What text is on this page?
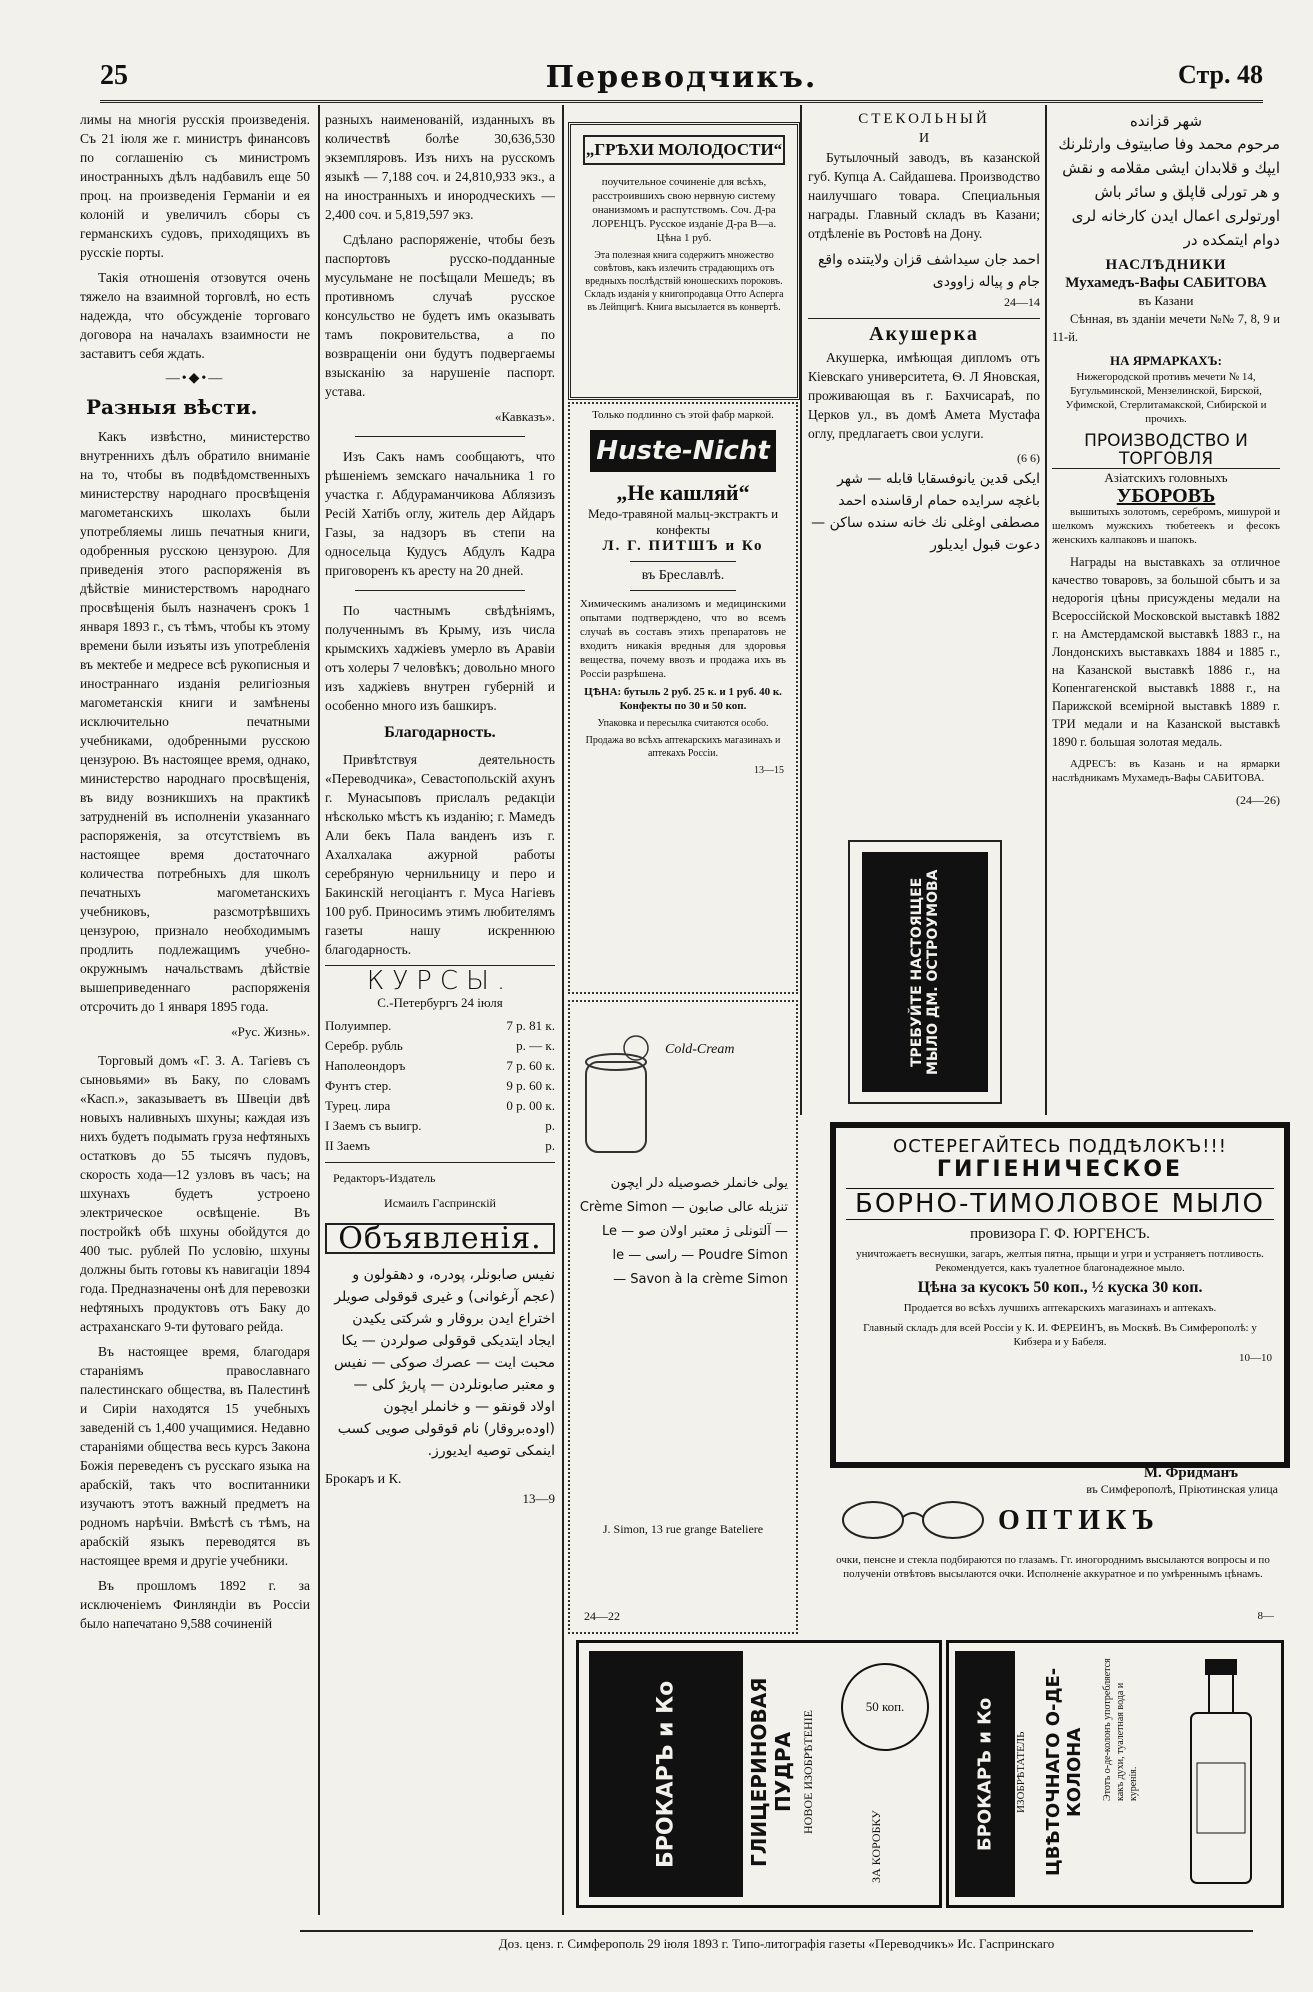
25	Переводчикъ.	Стр. 48

лимы на многія русскія произведенія. Съ 21 іюля же г. министръ финансовъ по соглашенію съ министромъ иностранныхъ дѣлъ надбавилъ еще 50 проц. на произведенія Германіи и ея колоній и увеличилъ сборы съ германскихъ судовъ, приходящихъ въ русскіе порты.

Такія отношенія отзовутся очень тяжело на взаимной торговлѣ, но есть надежда, что обсужденіе торговаго договора на началахъ взаимности не заставитъ себя ждать.

—•◆•—
Разныя вѣсти.

Какъ извѣстно, министерство внутреннихъ дѣлъ обратило вниманіе на то, чтобы въ подвѣдомственныхъ министерству народнаго просвѣщенія магометанскихъ школахъ были употребляемы лишь печатныя книги, одобренныя русскою цензурою. Для приведенія этого распоряженія въ дѣйствіе министерствомъ народнаго просвѣщенія былъ назначенъ срокъ 1 января 1893 г., съ тѣмъ, чтобы къ этому времени были изъяты изъ употребленія въ мектебе и медресе всѣ рукописныя и иностраннаго изданія религіозныя магометанскія книги и замѣнены исключительно печатными учебниками, одобренными русскою цензурою. Въ настоящее время, однако, министерство народнаго просвѣщенія, въ виду возникшихъ на практикѣ затрудненій въ исполненіи указаннаго распоряженія, за отсутствіемъ въ настоящее время достаточнаго количества потребныхъ для школъ печатныхъ магометанскихъ учебниковъ, разсмотрѣвшихъ цензурою, признало необходимымъ продлить подлежащимъ учебно-окружнымъ начальствамъ дѣйствіе вышеприведеннаго распоряженія отсрочить до 1 января 1895 года.

«Рус. Жизнь».

Торговый домъ «Г. З. А. Тагіевъ съ сыновьями» въ Баку, по словамъ «Касп.», заказываетъ въ Швеціи двѣ новыхъ наливныхъ шхуны; каждая изъ нихъ будетъ подымать груза нефтяныхъ остатковъ до 55 тысячъ пудовъ, скорость хода—12 узловъ въ часъ; на шхунахъ будетъ устроено электрическое освѣщеніе. Въ постройкѣ обѣ шхуны обойдутся до 400 тыс. рублей По условію, шхуны должны быть готовы къ навигаціи 1894 года. Предназначены онѣ для перевозки нефтяныхъ продуктовъ отъ Баку до астраханскаго 9-ти футоваго рейда.

Въ настоящее время, благодаря стараніямъ православнаго палестинскаго общества, въ Палестинѣ и Сиріи находятся 15 учебныхъ заведеній съ 1,400 учащимися. Недавно стараніями общества весь курсъ Закона Божія переведенъ съ русскаго языка на арабскій, такъ что воспитанники изучаютъ этотъ важный предметъ на родномъ нарѣчіи. Вмѣстѣ съ тѣмъ, на арабскій языкъ переводятся въ настоящее время и другіе учебники.

Въ прошломъ 1892 г. за исключеніемъ Финляндіи въ Россіи было напечатано 9,588 сочиненій

разныхъ наименованій, изданныхъ въ количествѣ болѣе 30,636,530 экземпляровъ. Изъ нихъ на русскомъ языкѣ — 7,188 соч. и 24,810,933 экз., а на иностранныхъ и инородческихъ — 2,400 соч. и 5,819,597 экз.

Сдѣлано распоряженіе, чтобы безъ паспортовъ русско-подданные мусульмане не посѣщали Мешедъ; въ противномъ случаѣ русское консульство не будетъ имъ оказывать тамъ покровительства, а по возвращеніи они будутъ подвергаемы взысканію за нарушеніе паспорт. устава.

«Кавказъ».

Изъ Сакъ намъ сообщаютъ, что рѣшеніемъ земскаго начальника 1 го участка г. Абдураманчикова Аблязизъ Ресій Хатібъ оглу, житель дер Айдаръ Газы, за надзоръ въ степи на односельца Кудусъ Абдулъ Кадра приговоренъ къ аресту на 20 дней.

По частнымъ свѣдѣніямъ, полученнымъ въ Крыму, изъ числа крымскихъ хаджіевъ умерло въ Аравіи отъ холеры 7 человѣкъ; довольно много изъ хаджіевъ внутрен губерній и особенно много изъ башкиръ.

Благодарность.

Привѣтствуя деятельность «Переводчика», Севастопольскій ахунъ г. Мунасыповъ прислалъ редакціи нѣсколько мѣстъ къ изданію; г. Мамедъ Али бекъ Пала ванденъ изъ г. Ахалхалака ажурной работы серебряную чернильницу и перо и Бакинскій негоціантъ г. Муса Нагіевъ 100 руб. Приносимъ этимъ любителямъ газеты нашу искреннюю благодарность.

КУРСЫ.
С.-Петербургъ 24 іюля
Полуимпер.	7 р. 81 к.
Серебр. рубль	р. — к.
Наполеондоръ	7 р. 60 к.
Фунтъ стер.	9 р. 60 к.
Турец. лира	0 р. 00 к.
I Заемъ съ выигр.	р.
II Заемъ	р.
Редакторъ-Издатель
Исмаилъ Гаспринскій
Объявленія.
نفیس صابونلر، پودره، و دهقولون و (عجم آرغوانی) و غیری قوقولی صویلر اختراع ایدن بروقار و شرکتی یکیدن ایجاد ایتدیکی قوقولی صولردن — یکا محبت ایت — عصرك صوكی — نفیس و معتبر صابونلردن — پاریژ کلی — اولاد قونقو — و خانملر ایچون (اوده‌بروقار) نام قوقولی صویی کسب اینمکی توصیه ایدیورز.
Брокаръ и К.
13—9
„ГРѢХИ МОЛОДОСТИ“
поучительное сочиненіе для всѣхъ, расстроившихъ свою нервную систему онанизмомъ и распутствомъ. Соч. Д-ра ЛОРЕНЦЪ. Русское изданіе Д-ра В—а. Цѣна 1 руб.
Эта полезная книга содержитъ множество совѣтовъ, какъ излечить страдающихъ отъ вредныхъ послѣдствій юношескихъ пороковъ. Складъ изданія у книгопродавца Отто Асперга въ Лейпцигѣ. Книга высылается въ конвертѣ.
Только подлинно съ этой фабр маркой.
Huste-Nicht
„Не кашляй“
Медо-травяной мальц-экстрактъ и конфекты
Л. Г. ПИТШЪ и Ко
въ Бреславлѣ.
Химическимъ анализомъ и медицинскими опытами подтверждено, что во всемъ случаѣ въ составъ этихъ препаратовъ не входитъ никакія вредныя для здоровья вещества, почему ввозъ и продажа ихъ въ Россіи разрѣшена.
ЦѢНА: бутыль 2 руб. 25 к. и 1 руб. 40 к. Конфекты по 30 и 50 коп.
Упаковка и пересылка считаются особо.
Продажа во всѣхъ аптекарскихъ магазинахъ и аптекахъ Россіи.
13—15
Cold-Cream
یولی خانملر خصوصیله دلر ایچون تنزیله عالی صابون — Crème Simon — آلتونلی ژ معتبر اولان صو — Le Poudre Simon — راسی — le Savon à la crème Simon —
J. Simon, 13 rue grange Bateliere
24—22
СТЕКОЛЬНЫЙ
И

Бутылочный заводъ, въ казанской губ. Купца А. Сайдашева. Производство наилучшаго товара. Специальныя награды. Главный складъ въ Казани; отдѣленіе въ Ростовѣ на Дону.

احمد جان سیداشف قزان ولایتنده واقع جام و پیاله زاوودی
24—14
Акушерка

Акушерка, имѣющая дипломъ отъ Кіевскаго университета, Ѳ. Л Яновская, проживающая въ г. Бахчисараѣ, по Церков ул., въ домѣ Амета Мустафа оглу, предлагаетъ свои услуги.

(6 6)
ایکی قدین یانوفسقایا قابله — شهر باغچه سرایده حمام ارقاسنده احمد مصطفی اوغلی نك خانه سنده ساکن — دعوت قبول ایدیلور
ТРЕБУЙТЕ НАСТОЯЩЕЕ МЫЛО ДМ. ОСТРОУМОВА
شهر قزانده
مرحوم محمد وفا صابیتوف وارثلرنك ایپك و قلابدان ایشی مقلامه و نقش و هر تورلی قاپلق و سائر باش اورتولری اعمال ایدن کارخانه لری دوام ایتمکده در
НАСЛѢДНИКИ
Мухамедъ-Вафы САБИТОВА
въ Казани

Сѣнная, въ зданіи мечети №№ 7, 8, 9 и 11-й.

НА ЯРМАРКАХЪ:

Нижегородской противъ мечети № 14, Бугульминской, Мензелинской, Бирской, Уфимской, Стерлитамакской, Сибирской и прочихъ.

ПРОИЗВОДСТВО И ТОРГОВЛЯ
Азіатскихъ головныхъ
УБОРОВЪ

вышитыхъ золотомъ, серебромъ, мишурой и шелкомъ мужскихъ тюбетеекъ и фесокъ женскихъ калпаковъ и шапокъ.

Награды на выставкахъ за отличное качество товаровъ, за большой сбытъ и за недорогія цѣны присуждены медали на Всероссійской Московской выставкѣ 1882 г. на Амстердамской выставкѣ 1883 г., на Лондонскихъ выставкахъ 1884 и 1885 г., на Казанской выставкѣ 1886 г., на Копенгагенской выставкѣ 1888 г., на Парижской всемірной выставкѣ 1889 г. ТРИ медали и на Казанской выставкѣ 1890 г. большая золотая медаль.

АДРЕСЪ: въ Казань и на ярмарки наслѣдникамъ Мухамедъ-Вафы САБИТОВА.

(24—26)
ОСТЕРЕГАЙТЕСЬ ПОДДѢЛОКЪ!!!
ГИГІЕНИЧЕСКОЕ
БОРНО-ТИМОЛОВОЕ МЫЛО
провизора Г. Ф. ЮРГЕНСЪ.
уничтожаетъ веснушки, загаръ, желтыя пятна, прыщи и угри и устраняетъ потливость. Рекомендуется, какъ туалетное благонадежное мыло.
Цѣна за кусокъ 50 коп., ½ куска 30 коп.
Продается во всѣхъ лучшихъ аптекарскихъ магазинахъ и аптекахъ.
Главный складъ для всей Россіи у К. И. ФЕРЕИНЪ, въ Москвѣ. Въ Симферополѣ: у Кибзера и у Бабеля.
10—10
М. Фридманъ
въ Симферополѣ, Пріютинская улица
ОПТИКЪ
очки, пенсне и стекла подбираются по глазамъ. Гг. иногороднимъ высылаются вопросы и по полученіи отвѣтовъ высылаются очки. Исполненіе аккуратное и по умѣреннымъ цѣнамъ.
8—
БРОКАРЪ и Ко	ГЛИЦЕРИНОВАЯ ПУДРА НОВОЕ ИЗОБРѢТЕНІЕ
50 коп.
ЗА КОРОБКУ	БРОКАРЪ и Ко ИЗОБРѢТАТЕЛЬ ЦВѢТОЧНАГО О-ДЕ-КОЛОНА	Этотъ о-де-колонъ употребляется какъ духи, туалетная вода и куренія.
Доз. ценз. г. Симферополь 29 іюля 1893 г. Типо-литографія газеты «Переводчикъ» Ис. Гаспринскаго
